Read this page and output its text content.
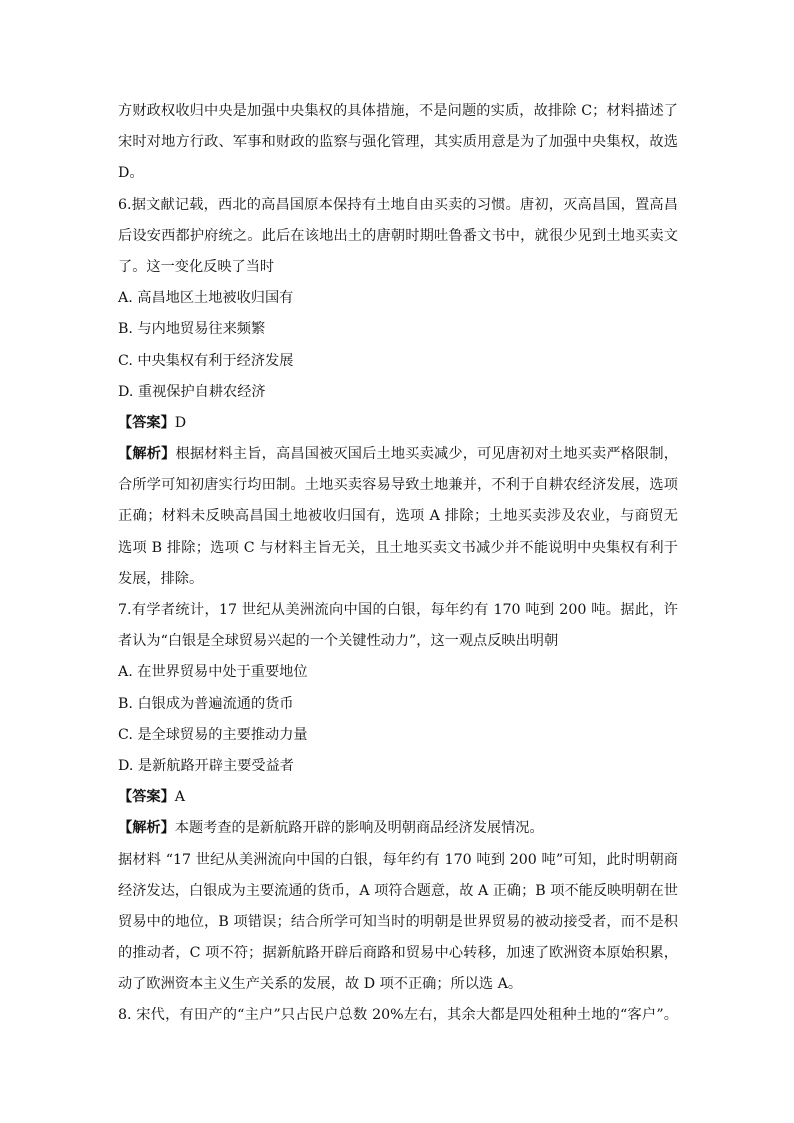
方财政权收归中央是加强中央集权的具体措施，不是问题的实质，故排除 C；材料描述了
宋时对地方行政、军事和财政的监察与强化管理，其实质用意是为了加强中央集权，故选
D。
6.据文献记载，西北的高昌国原本保持有土地自由买卖的习惯。唐初，灭高昌国，置高昌
后设安西都护府统之。此后在该地出土的唐朝时期吐鲁番文书中，就很少见到土地买卖文
了。这一变化反映了当时
A. 高昌地区土地被收归国有
B. 与内地贸易往来频繁
C. 中央集权有利于经济发展
D. 重视保护自耕农经济
【答案】D
【解析】根据材料主旨，高昌国被灭国后土地买卖减少，可见唐初对土地买卖严格限制，
合所学可知初唐实行均田制。土地买卖容易导致土地兼并，不利于自耕农经济发展，选项
正确；材料未反映高昌国土地被收归国有，选项 A 排除；土地买卖涉及农业，与商贸无
选项 B 排除；选项 C 与材料主旨无关，且土地买卖文书减少并不能说明中央集权有利于
发展，排除。
7.有学者统计，17 世纪从美洲流向中国的白银，每年约有 170 吨到 200 吨。据此，许
者认为“白银是全球贸易兴起的一个关键性动力”，这一观点反映出明朝
A. 在世界贸易中处于重要地位
B. 白银成为普遍流通的货币
C. 是全球贸易的主要推动力量
D. 是新航路开辟主要受益者
【答案】A
【解析】本题考查的是新航路开辟的影响及明朝商品经济发展情况。
据材料 “17 世纪从美洲流向中国的白银，每年约有 170 吨到 200 吨”可知，此时明朝商
经济发达，白银成为主要流通的货币，A 项符合题意，故 A 正确；B 项不能反映明朝在世
贸易中的地位，B 项错误；结合所学可知当时的明朝是世界贸易的被动接受者，而不是积
的推动者，C 项不符；据新航路开辟后商路和贸易中心转移，加速了欧洲资本原始积累，
动了欧洲资本主义生产关系的发展，故 D 项不正确；所以选 A。
8. 宋代，有田产的“主户”只占民户总数 20%左右，其余大都是四处租种土地的“客户”。
